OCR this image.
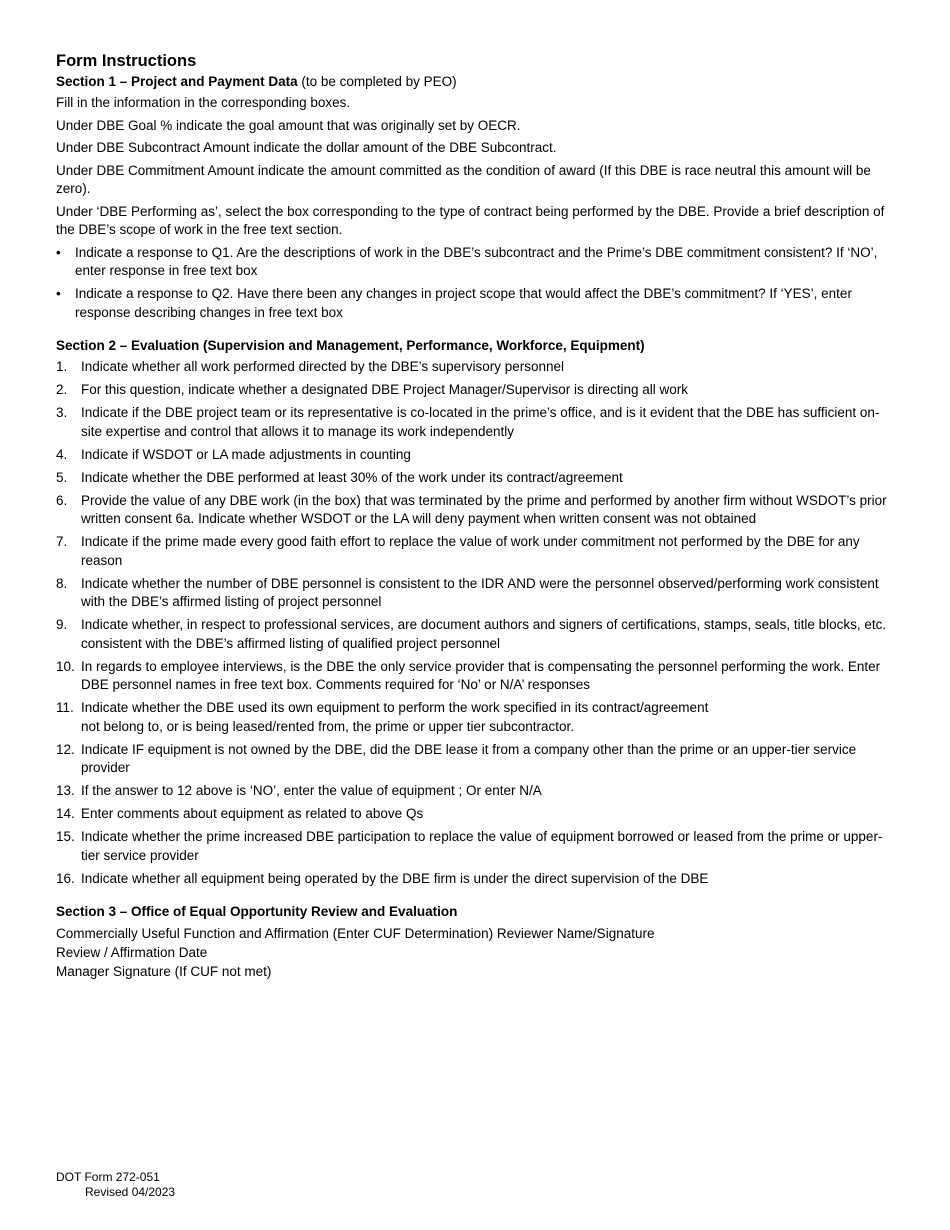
Form Instructions
Section 1 – Project and Payment Data (to be completed by PEO)

Fill in the information in the corresponding boxes.

Under DBE Goal % indicate the goal amount that was originally set by OECR.

Under DBE Subcontract Amount indicate the dollar amount of the DBE Subcontract.

Under DBE Commitment Amount indicate the amount committed as the condition of award (If this DBE is race neutral this amount will be zero).

Under ‘DBE Performing as’, select the box corresponding to the type of contract being performed by the DBE. Provide a brief description of the DBE’s scope of work in the free text section.

• Indicate a response to Q1. Are the descriptions of work in the DBE’s subcontract and the Prime’s DBE commitment consistent? If ‘NO’, enter response in free text box
• Indicate a response to Q2. Have there been any changes in project scope that would affect the DBE’s commitment? If ‘YES’, enter response describing changes in free text box
Section 2 – Evaluation (Supervision and Management, Performance, Workforce, Equipment)
1. Indicate whether all work performed directed by the DBE’s supervisory personnel
2. For this question, indicate whether a designated DBE Project Manager/Supervisor is directing all work
3. Indicate if the DBE project team or its representative is co-located in the prime’s office, and is it evident that the DBE has sufficient on-site expertise and control that allows it to manage its work independently
4. Indicate if WSDOT or LA made adjustments in counting
5. Indicate whether the DBE performed at least 30% of the work under its contract/agreement
6. Provide the value of any DBE work (in the box) that was terminated by the prime and performed by another firm without WSDOT’s prior written consent 6a. Indicate whether WSDOT or the LA will deny payment when written consent was not obtained
7. Indicate if the prime made every good faith effort to replace the value of work under commitment not performed by the DBE for any reason
8. Indicate whether the number of DBE personnel is consistent to the IDR AND were the personnel observed/performing work consistent with the DBE’s affirmed listing of project personnel
9. Indicate whether, in respect to professional services, are document authors and signers of certifications, stamps, seals, title blocks, etc. consistent with the DBE’s affirmed listing of qualified project personnel
10. In regards to employee interviews, is the DBE the only service provider that is compensating the personnel performing the work. Enter DBE personnel names in free text box. Comments required for ‘No’ or N/A’ responses
11. Indicate whether the DBE used its own equipment to perform the work specified in its contract/agreement
not belong to, or is being leased/rented from, the prime or upper tier subcontractor.
12. Indicate IF equipment is not owned by the DBE, did the DBE lease it from a company other than the prime or an upper-tier service provider
13. If the answer to 12 above is ‘NO’, enter the value of equipment ; Or enter N/A
14. Enter comments about equipment as related to above Qs
15. Indicate whether the prime increased DBE participation to replace the value of equipment borrowed or leased from the prime or upper-tier service provider
16. Indicate whether all equipment being operated by the DBE firm is under the direct supervision of the DBE
Section 3 – Office of Equal Opportunity Review and Evaluation
Commercially Useful Function and Affirmation (Enter CUF Determination) Reviewer Name/Signature
Review / Affirmation Date
Manager Signature (If CUF not met)
DOT Form 272-051
Revised 04/2023
